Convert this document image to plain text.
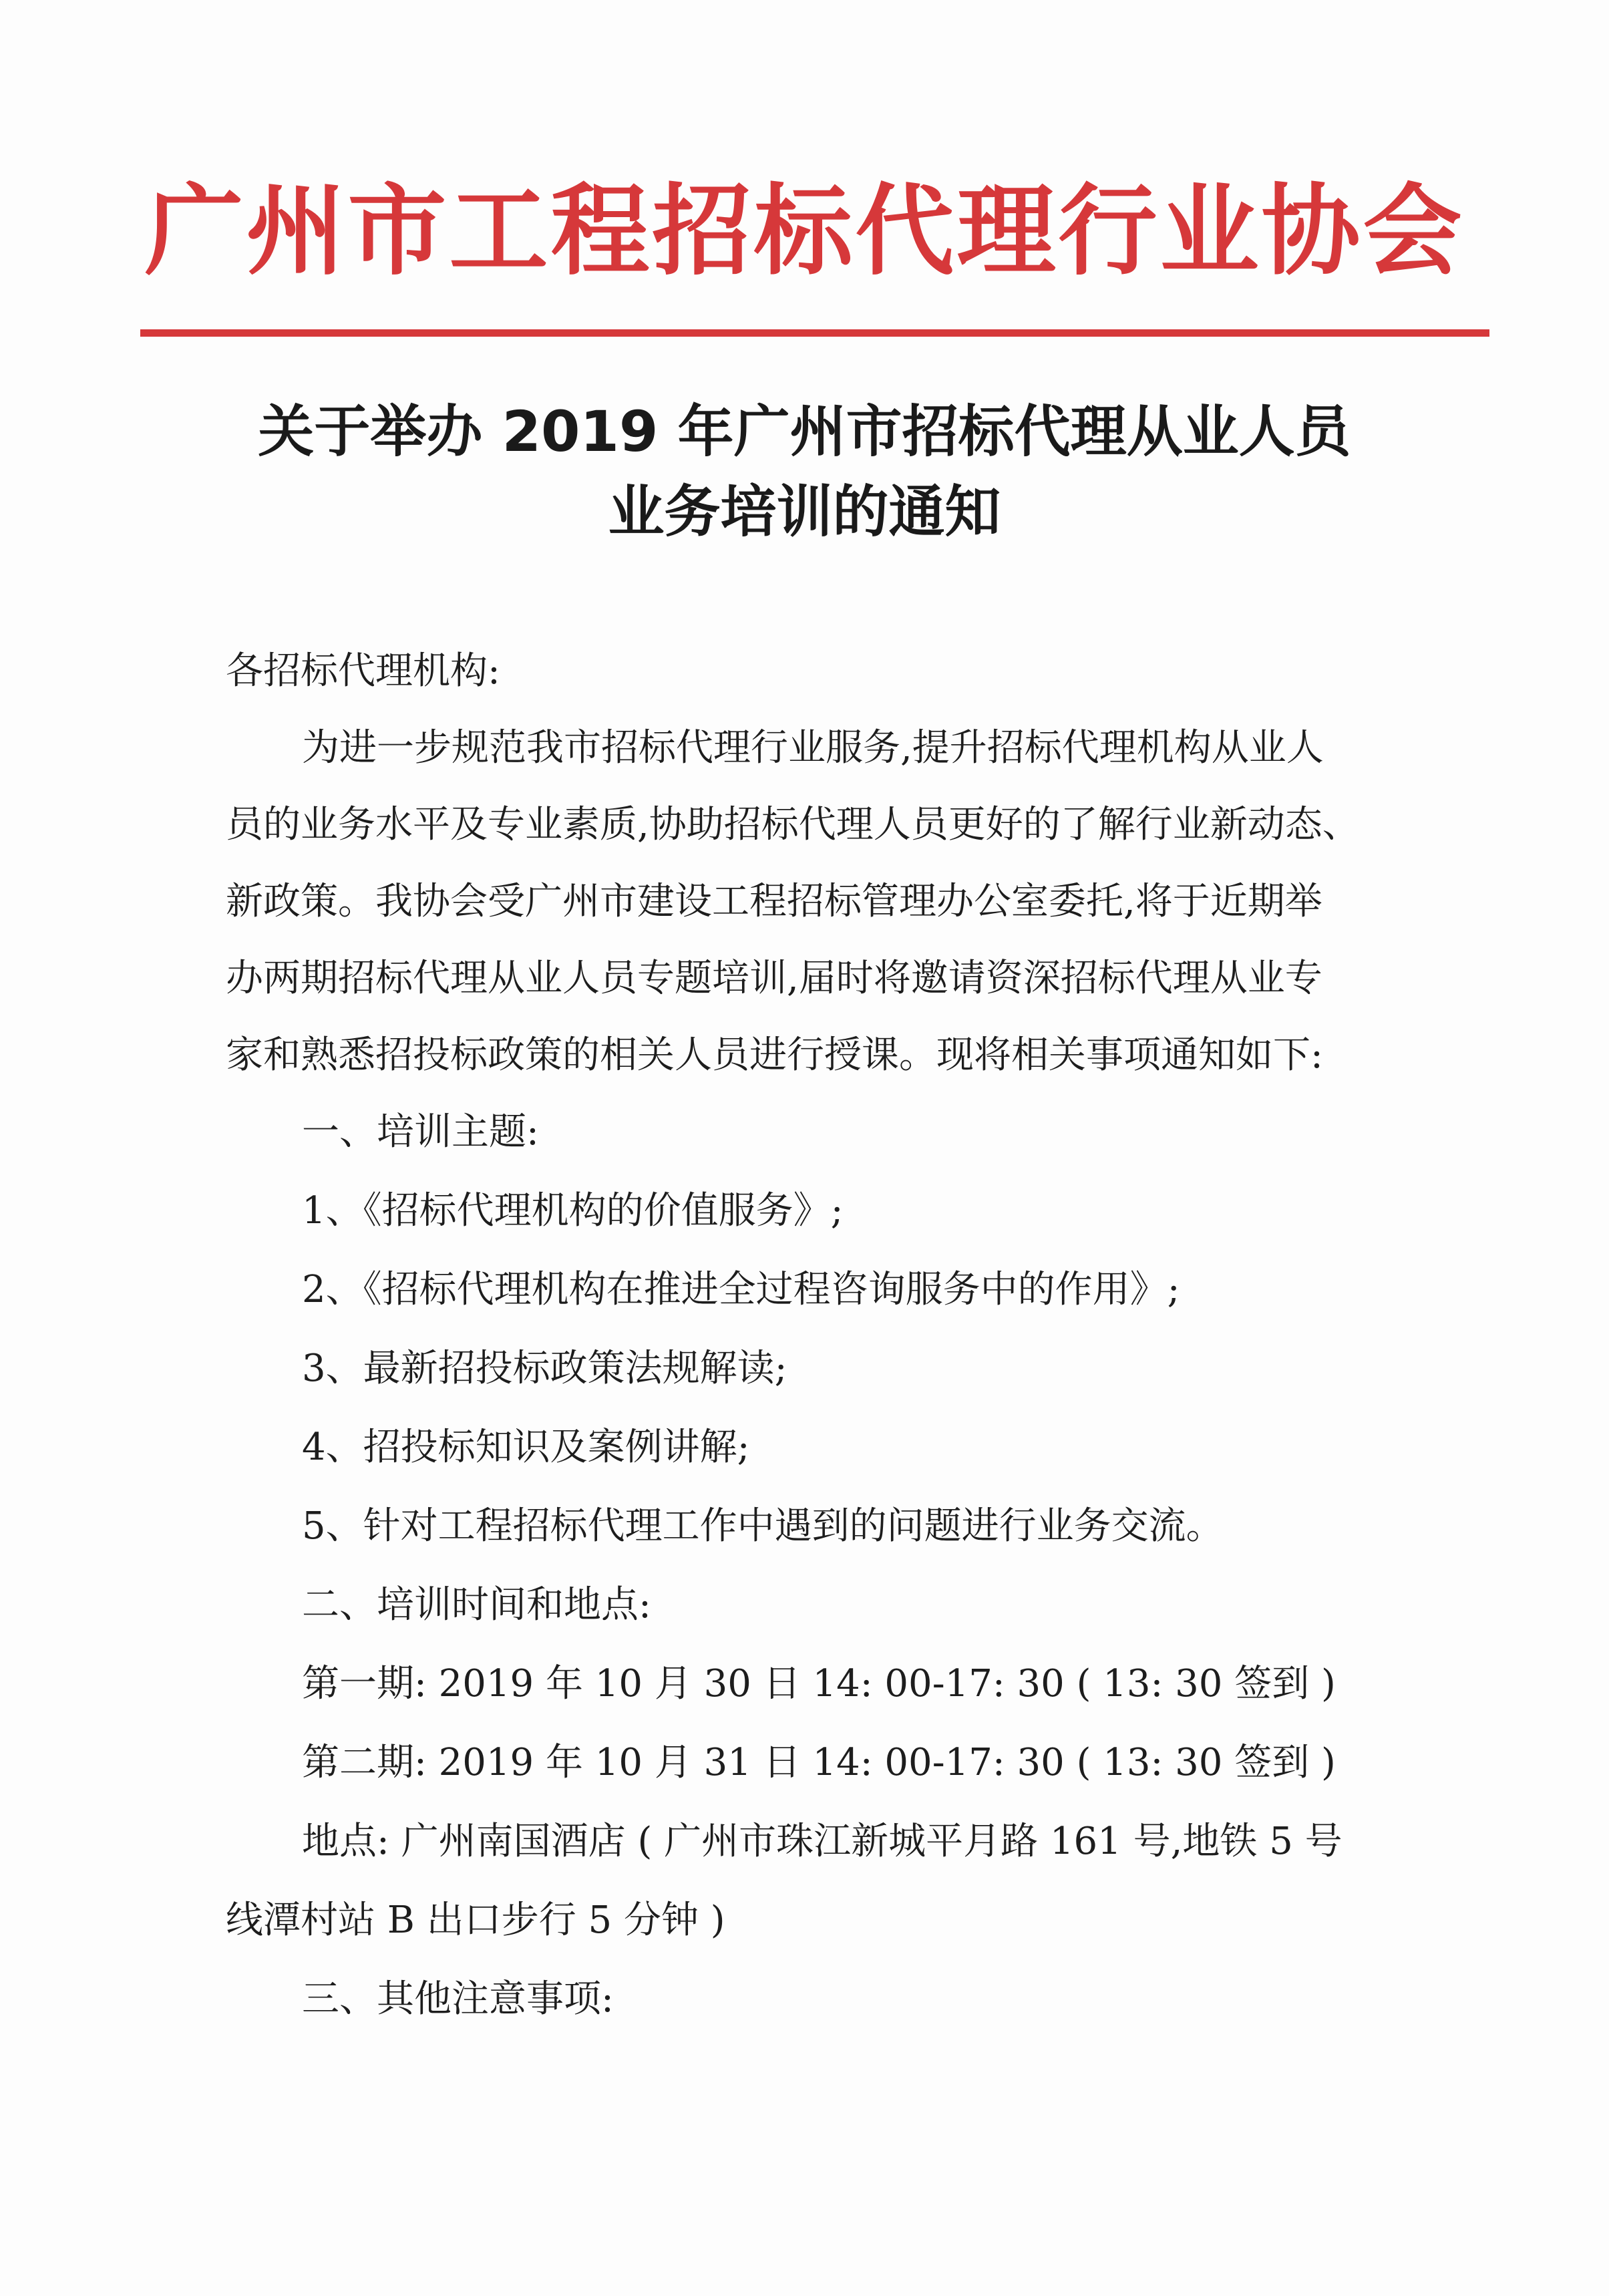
广州市工程招标代理行业协会
关于举办 2019 年广州市招标代理从业人员
业务培训的通知
各招标代理机构:
为进一步规范我市招标代理行业服务,提升招标代理机构从业人
员的业务水平及专业素质,协助招标代理人员更好的了解行业新动态、
新政策。我协会受广州市建设工程招标管理办公室委托,将于近期举
办两期招标代理从业人员专题培训,届时将邀请资深招标代理从业专
家和熟悉招投标政策的相关人员进行授课。现将相关事项通知如下:
一、培训主题:
1、《招标代理机构的价值服务》;
2、《招标代理机构在推进全过程咨询服务中的作用》;
3、最新招投标政策法规解读;
4、招投标知识及案例讲解;
5、针对工程招标代理工作中遇到的问题进行业务交流。
二、培训时间和地点:
第一期: 2019 年 10 月 30 日 14: 00-17: 30 ( 13: 30 签到 )
第二期: 2019 年 10 月 31 日 14: 00-17: 30 ( 13: 30 签到 )
地点: 广州南国酒店 ( 广州市珠江新城平月路 161 号,地铁 5 号
线潭村站 B 出口步行 5 分钟 )
三、其他注意事项:
